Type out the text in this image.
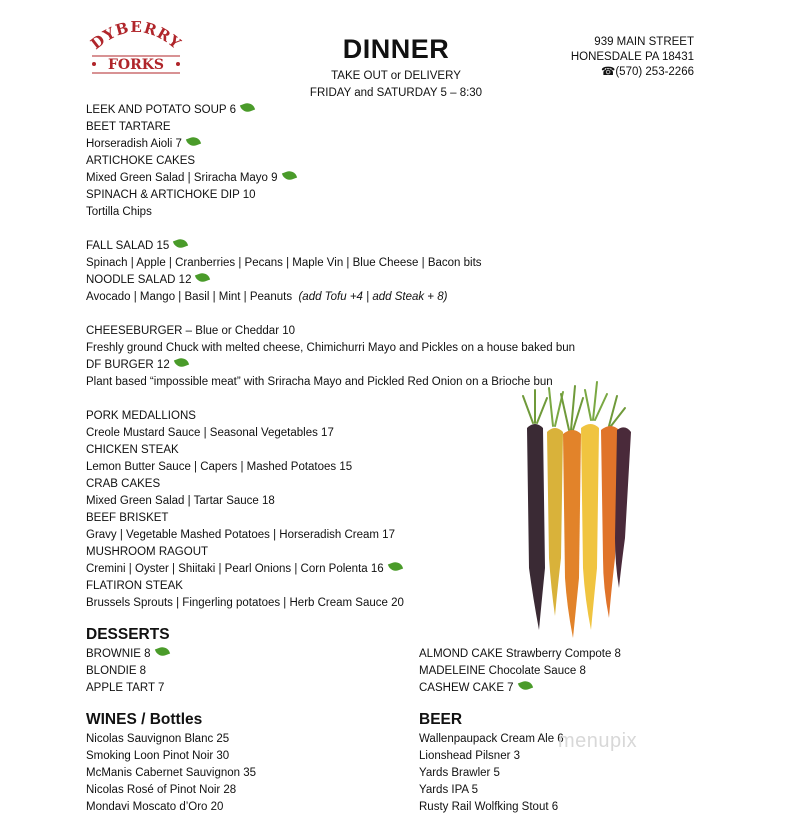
DYBERRY
FORKS
DINNER
TAKE OUT or DELIVERY
FRIDAY and SATURDAY 5 – 8:30
939 MAIN STREET
HONESDALE PA 18431
☎(570) 253-2266
LEEK AND POTATO SOUP 6
BEET TARTARE
Horseradish Aioli 7
ARTICHOKE CAKES
Mixed Green Salad | Sriracha Mayo 9
SPINACH & ARTICHOKE DIP 10
Tortilla Chips
FALL SALAD 15
Spinach | Apple | Cranberries | Pecans | Maple Vin | Blue Cheese | Bacon bits
NOODLE SALAD 12
Avocado | Mango | Basil | Mint | Peanuts (add Tofu +4 | add Steak + 8)
CHEESEBURGER – Blue or Cheddar 10
Freshly ground Chuck with melted cheese, Chimichurri Mayo and Pickles on a house baked bun
DF BURGER 12
Plant based “impossible meat” with Sriracha Mayo and Pickled Red Onion on a Brioche bun
PORK MEDALLIONS
Creole Mustard Sauce | Seasonal Vegetables 17
CHICKEN STEAK
Lemon Butter Sauce | Capers | Mashed Potatoes 15
CRAB CAKES
Mixed Green Salad | Tartar Sauce 18
BEEF BRISKET
Gravy | Vegetable Mashed Potatoes | Horseradish Cream 17
MUSHROOM RAGOUT
Cremini | Oyster | Shiitaki | Pearl Onions | Corn Polenta 16
FLATIRON STEAK
Brussels Sprouts | Fingerling potatoes | Herb Cream Sauce 20
DESSERTS
BROWNIE 8
BLONDIE 8
APPLE TART 7
ALMOND CAKE Strawberry Compote 8
MADELEINE Chocolate Sauce 8
CASHEW CAKE 7
WINES / Bottles
Nicolas Sauvignon Blanc 25
Smoking Loon Pinot Noir 30
McManis Cabernet Sauvignon 35
Nicolas Rosé of Pinot Noir 28
Mondavi Moscato d’Oro 20
BEER
Wallenpaupack Cream Ale 6
Lionshead Pilsner 3
Yards Brawler 5
Yards IPA 5
Rusty Rail Wolfking Stout 6
menupix
